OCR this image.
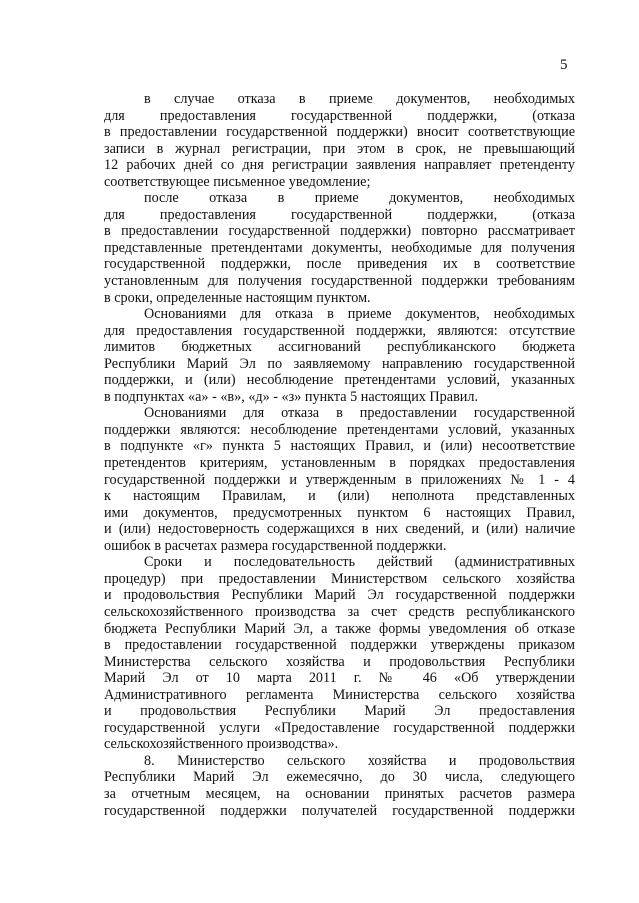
5

в случае отказа в приеме документов, необходимых
для предоставления государственной поддержки, (отказа
в предоставлении государственной поддержки) вносит соответствующие
записи в журнал регистрации, при этом в срок, не превышающий
12 рабочих дней со дня регистрации заявления направляет претенденту
соответствующее письменное уведомление;

после отказа в приеме документов, необходимых
для предоставления государственной поддержки, (отказа
в предоставлении государственной поддержки) повторно рассматривает
представленные претендентами документы, необходимые для получения
государственной поддержки, после приведения их в соответствие
установленным для получения государственной поддержки требованиям
в сроки, определенные настоящим пунктом.

Основаниями для отказа в приеме документов, необходимых
для предоставления государственной поддержки, являются: отсутствие
лимитов бюджетных ассигнований республиканского бюджета
Республики Марий Эл по заявляемому направлению государственной
поддержки, и (или) несоблюдение претендентами условий, указанных
в подпунктах «а» - «в», «д» - «з» пункта 5 настоящих Правил.

Основаниями для отказа в предоставлении государственной
поддержки являются: несоблюдение претендентами условий, указанных
в подпункте «г» пункта 5 настоящих Правил, и (или) несоответствие
претендентов критериям, установленным в порядках предоставления
государственной поддержки и утвержденным в приложениях № 1 - 4
к настоящим Правилам, и (или) неполнота представленных
ими документов, предусмотренных пунктом 6 настоящих Правил,
и (или) недостоверность содержащихся в них сведений, и (или) наличие
ошибок в расчетах размера государственной поддержки.

Сроки и последовательность действий (административных
процедур) при предоставлении Министерством сельского хозяйства
и продовольствия Республики Марий Эл государственной поддержки
сельскохозяйственного производства за счет средств республиканского
бюджета Республики Марий Эл, а также формы уведомления об отказе
в предоставлении государственной поддержки утверждены приказом
Министерства сельского хозяйства и продовольствия Республики
Марий Эл от 10 марта 2011 г. № 46 «Об утверждении
Административного регламента Министерства сельского хозяйства
и продовольствия Республики Марий Эл предоставления
государственной услуги «Предоставление государственной поддержки
сельскохозяйственного производства».

8. Министерство сельского хозяйства и продовольствия
Республики Марий Эл ежемесячно, до 30 числа, следующего
за отчетным месяцем, на основании принятых расчетов размера
государственной поддержки получателей государственной поддержки
